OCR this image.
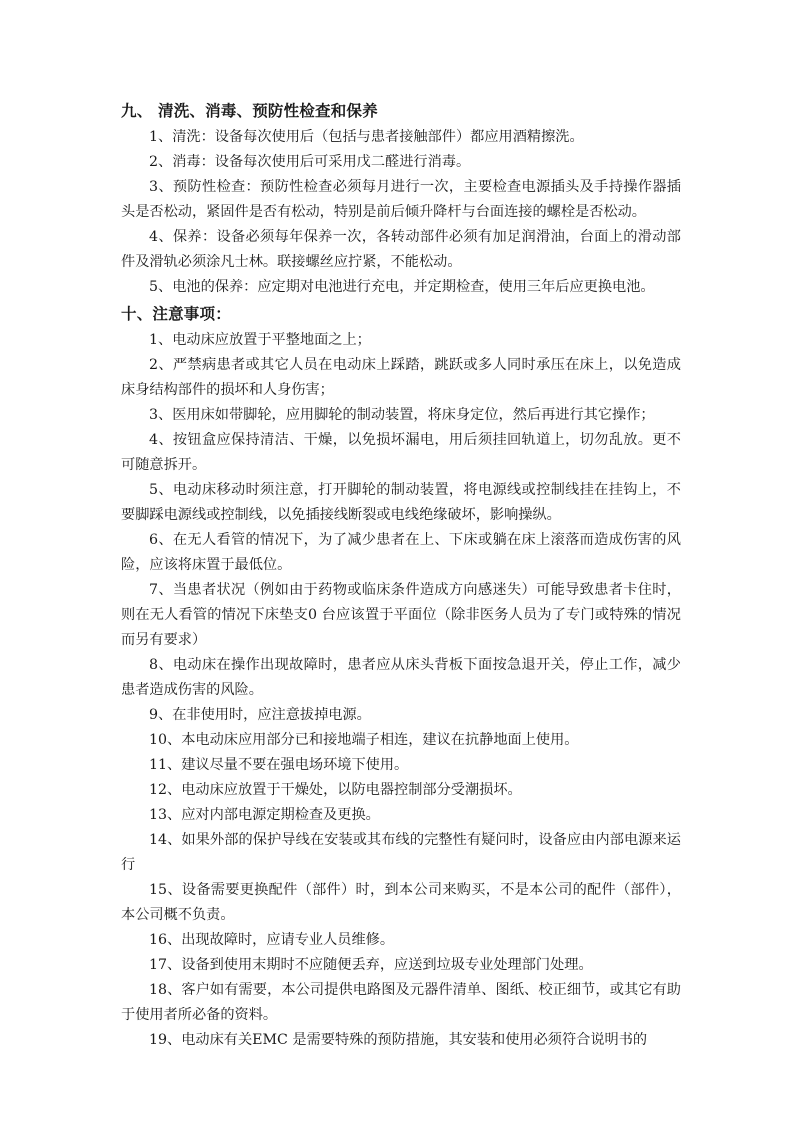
九、 清洗、消毒、预防性检查和保养

1、清洗：设备每次使用后（包括与患者接触部件）都应用酒精擦洗。

2、消毒：设备每次使用后可采用戊二醛进行消毒。

3、预防性检查：预防性检查必须每月进行一次，主要检查电源插头及手持操作器插头是否松动，紧固件是否有松动，特别是前后倾升降杆与台面连接的螺栓是否松动。

4、保养：设备必须每年保养一次，各转动部件必须有加足润滑油，台面上的滑动部件及滑轨必须涂凡士林。联接螺丝应拧紧，不能松动。

5、电池的保养：应定期对电池进行充电，并定期检查，使用三年后应更换电池。

十、注意事项：

1、电动床应放置于平整地面之上；

2、严禁病患者或其它人员在电动床上踩踏，跳跃或多人同时承压在床上，以免造成床身结构部件的损坏和人身伤害；

3、医用床如带脚轮，应用脚轮的制动装置，将床身定位，然后再进行其它操作；

4、按钮盒应保持清洁、干燥，以免损坏漏电，用后须挂回轨道上，切勿乱放。更不可随意拆开。

5、电动床移动时须注意，打开脚轮的制动装置，将电源线或控制线挂在挂钩上，不要脚踩电源线或控制线，以免插接线断裂或电线绝缘破坏，影响操纵。

6、在无人看管的情况下，为了减少患者在上、下床或躺在床上滚落而造成伤害的风险，应该将床置于最低位。

7、当患者状况（例如由于药物或临床条件造成方向感迷失）可能导致患者卡住时，则在无人看管的情况下床垫支0 台应该置于平面位（除非医务人员为了专门或特殊的情况而另有要求）

8、电动床在操作出现故障时，患者应从床头背板下面按急退开关，停止工作，减少患者造成伤害的风险。

9、在非使用时，应注意拔掉电源。

10、本电动床应用部分已和接地端子相连，建议在抗静地面上使用。

11、建议尽量不要在强电场环境下使用。

12、电动床应放置于干燥处，以防电器控制部分受潮损坏。

13、应对内部电源定期检查及更换。

14、如果外部的保护导线在安装或其布线的完整性有疑问时，设备应由内部电源来运行

15、设备需要更换配件（部件）时，到本公司来购买，不是本公司的配件（部件），本公司概不负责。

16、出现故障时，应请专业人员维修。

17、设备到使用末期时不应随便丢弃，应送到垃圾专业处理部门处理。

18、客户如有需要，本公司提供电路图及元器件清单、图纸、校正细节，或其它有助于使用者所必备的资料。

19、电动床有关EMC 是需要特殊的预防措施，其安装和使用必须符合说明书的
